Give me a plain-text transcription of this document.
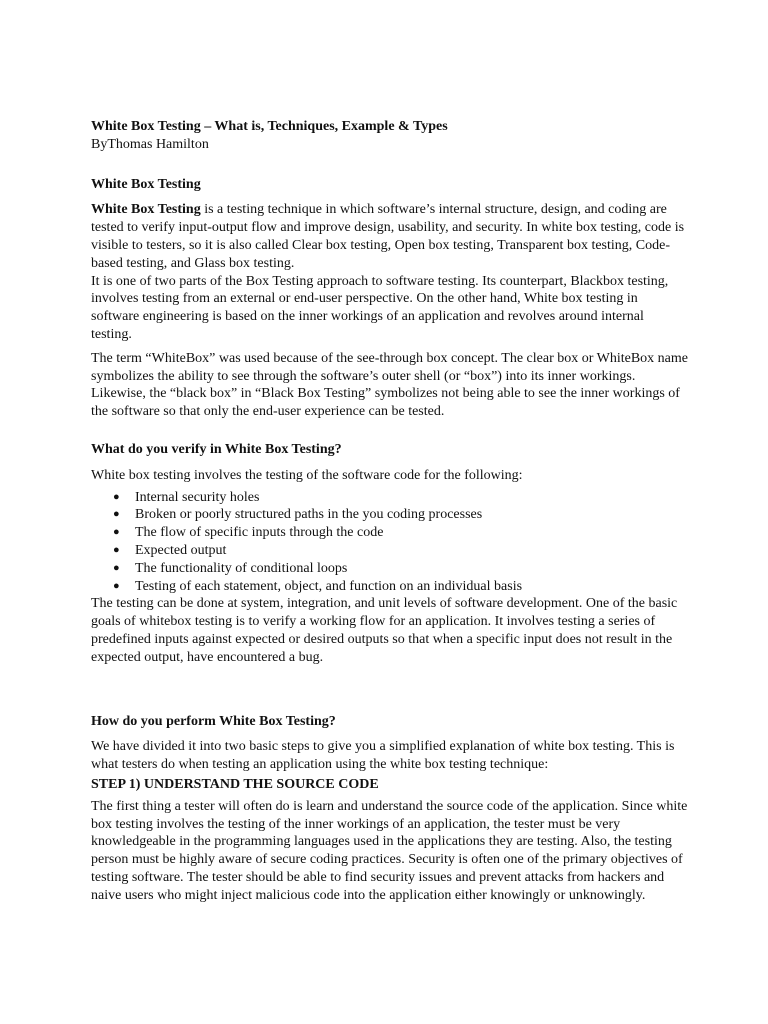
White Box Testing – What is, Techniques, Example & Types

ByThomas Hamilton

White Box Testing

White Box Testing is a testing technique in which software’s internal structure, design, and coding are tested to verify input-output flow and improve design, usability, and security. In white box testing, code is visible to testers, so it is also called Clear box testing, Open box testing, Transparent box testing, Code-based testing, and Glass box testing.

It is one of two parts of the Box Testing approach to software testing. Its counterpart, Blackbox testing, involves testing from an external or end-user perspective. On the other hand, White box testing in software engineering is based on the inner workings of an application and revolves around internal testing.

The term “WhiteBox” was used because of the see-through box concept. The clear box or WhiteBox name symbolizes the ability to see through the software’s outer shell (or “box”) into its inner workings. Likewise, the “black box” in “Black Box Testing” symbolizes not being able to see the inner workings of the software so that only the end-user experience can be tested.

What do you verify in White Box Testing?

White box testing involves the testing of the software code for the following:

● Internal security holes
● Broken or poorly structured paths in the you coding processes
● The flow of specific inputs through the code
● Expected output
● The functionality of conditional loops
● Testing of each statement, object, and function on an individual basis

The testing can be done at system, integration, and unit levels of software development. One of the basic goals of whitebox testing is to verify a working flow for an application. It involves testing a series of predefined inputs against expected or desired outputs so that when a specific input does not result in the expected output, have encountered a bug.

How do you perform White Box Testing?

We have divided it into two basic steps to give you a simplified explanation of white box testing. This is what testers do when testing an application using the white box testing technique:

STEP 1) UNDERSTAND THE SOURCE CODE

The first thing a tester will often do is learn and understand the source code of the application. Since white box testing involves the testing of the inner workings of an application, the tester must be very knowledgeable in the programming languages used in the applications they are testing. Also, the testing person must be highly aware of secure coding practices. Security is often one of the primary objectives of testing software. The tester should be able to find security issues and prevent attacks from hackers and naive users who might inject malicious code into the application either knowingly or unknowingly.
